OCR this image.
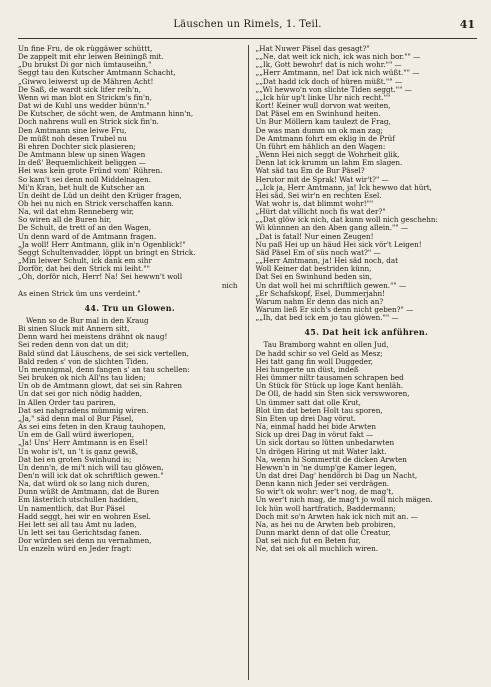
Läuschen un Rimels, 1. Teil.	41
Un fine Fru, de ok rüggäwer schüttt,
De zappelt mit ehr leiwen Beiningß mit.
„Du brukst Di gor nich ümtauseihn,"
Seggt tau den Kutscher Amtmann Schacht,
„Giwwo leiwerst up de Mähren Acht!
De Saß, de wardt sick lifer reih'n,
Wenn wi man blot en Strickm's fin'n,
Dat wi de Kuhl uns wedder bünn'n."
De Kutscher, de söcht wen, de Amtmann hinn'n,
Doch nahrens wull en Strick sick fin'n.
Den Amtmann sine leiwe Fru,
De müßt noh desen Trubel nu
Bi ehren Dochter sick plasieren;
De Amtmann blew up sinen Wagen
In deß' Bequemlichkeit beliggen —
Hei was kein grote Fründ vom' Rühren.
So kam't sei denn noll Middelnagen.
Mi'n Kran, bet hult de Kutscher an
Un deiht de Lüd un deiht den Krüger fragen,
Ob hei nu nich en Strick verschaffen kann.
Na, wil dat ehm Renneberg wir,
So wiren all de Buren hir,
De Schult, de trett of an den Wagen,
Un denn ward of de Amtmann fragen.
„Ja woll! Herr Amtmann, glik in'n Ogenblick!"
Seggt Schultenvadder, löppt un bringt en Strick.
„Min leiwer Schult, ick dank em sihr
Dorför, dat hei den Strick mi leiht.""
„Oh, dorför nich, Herr! Na! Sei hewwn't woll
nich
As einen Strick üm uns verdeint."
44. Tru un Glowen.
Wenn so de Bur mal in den Kraug
Bi sinen Sluck mit Annern sitt,
Denn ward hei meistens drähnt ok naug!
Sei reden denn von dat un dit;
Bald sünd dat Läuschens, de sei sick vertellen,
Bald reden s' von de slichten Tiden.
Un mennigmal, denn fangen s' an tau schellen:
Sei bruken ok nich All'ns tau liden;
Un ob de Amtmann glowt, dat sei sin Rahren
Un dat sei gor nich nödig hadden,
In Allen Order tau pariren,
Dat sei nahgradens mümmig wiren.
„Ja," säd denn mal ol Bur Päsel,
As sei eins feten in den Kraug tauhopen,
Un em de Gall würd äwerlopen,
„Ja! Uns' Herr Amtmann is en Esel!
Un wohr is't, un 't is ganz gewiß,
Dat hei en groten Swinhund is;
Un denn'n, de mi't nich will tau glöwen,
Den'n will ick dat ok schriftlich gewen."
Na, dat würd ok so lang nich duren,
Dunn wüßt de Amtmann, dat de Buren
Em lästerlich utschullen hadden,
Un namentlich, dat Bur Päsel
Hadd seggt, hei wir en wohren Esel.
Hei lett sei all tau Amt nu laden,
Un lett sei tau Gerichtsdag fanen.
Dor würden sei denn nu vernahmen,
Un enzeln würd en Jeder fragt:
„Hat Nuwer Päsel das gesagt?"
„„Ne, dat weit ick nich, ick was nich bor."" —
„„Ik, Gott bewohr! dat is nich wohr."" —
„„Herr Amtmann, ne! Dat ick nich wüßt."" —
„„Dat hadd ick doch of hüren müßt."" —
„„Wi hewwo'n von slichte Tiden seggt."" —
„„Ick hür up't linke Ühr nich recht.""
Kort! Keiner wull dorvon wat weiten,
Dat Päsel em en Swinhund heiten.
Un Bur Möllern kam taulezt de Frag,
De was man dumm un ok man zag;
De Amtmann fohrt em eklig in de Prüf
Un führt em hählich an den Wagen:
„Wenn Hei nich seggt de Wohrheit glik,
Denn lat ick krumm un lahm Em slagen.
Wat säd tau Em de Bur Päsel?
Herutor mit de Sprak! Wat wir't?" —
„„Ick ja, Herr Amtmann, ja! Ick hewwo dat hürt,
Hei säd, Sei wir'n en rechten Esel.
Wat wohr is, dat blimmt wohr!""
„Hürt dat villicht noch fis wat der?"
„„Dat glöw ick nich, dat kunn woll nich geschehn:
Wi künnnen an den Aben gang allein."" —
„Dat is fatal! Nur einen Zeugen!
Nu paß Hei up un häud Hei sick vör't Leigen!
Säd Päsel Em of süs noch wat?" —
„„Herr Amtmann, ja! Hei säd noch, dat
Woll Keiner dat bestriden künn,
Dat Sei en Swinhund beden sin,
Un dat woll hei mi schriftlich gewen."" —
„Er Schafskopf, Esel, Dummerjahn!
Warum nahm Er denn das nich an?
Warum ließ Er sich's denn nicht geben?" —
„„Ih, dat bed ick em jo tau glöwen."" —
45. Dat heit ick anführen.
Tau Bramborg wahnt en ollen Jud,
De hadd schir so vel Geld as Mesz;
Hei tatt gang fin woll Duggeder,
Hei hungerte un düst, indeß
Hei ümmer niltr tausamen schrapen bed
Un Stück för Stück up loge Kant henläh.
De Oll, de hadd sin Sten sick verswworen,
Un ümmer satt dat olle Krut,
Blot üm dat beten Holt tau sporen,
Sin Eten up drei Dag vörut.
Na, einmal hadd hei bide Arwten
Sick up drei Dag in vörut fakt —
Un sick dortau so lütten unbedarwten
Un drögen Hiring ut mit Water lakt.
Na, wenn hi Sommertit de dicken Arwten
Hewwn'n in 'ne dump'ge Kamer legen,
Un dat drei Dag' hendörch bi Dag un Nacht,
Denn kann nich Jeder sei verdrägen.
So wir't ok wohr: wer't nog, de mag't,
Un wer't nich mag, de mag't jo woll nich mägen.
Ick hün woll hartfratich, Baddermann;
Doch mit so'n Arwten hak ick nich mit an. —
Na, as hei nu de Arwten beb probiren,
Dunn markt denn of dat olle Creatur,
Dat sei nich fut en Beten fur,
Ne, dat sei ok all muchlich wiren.
